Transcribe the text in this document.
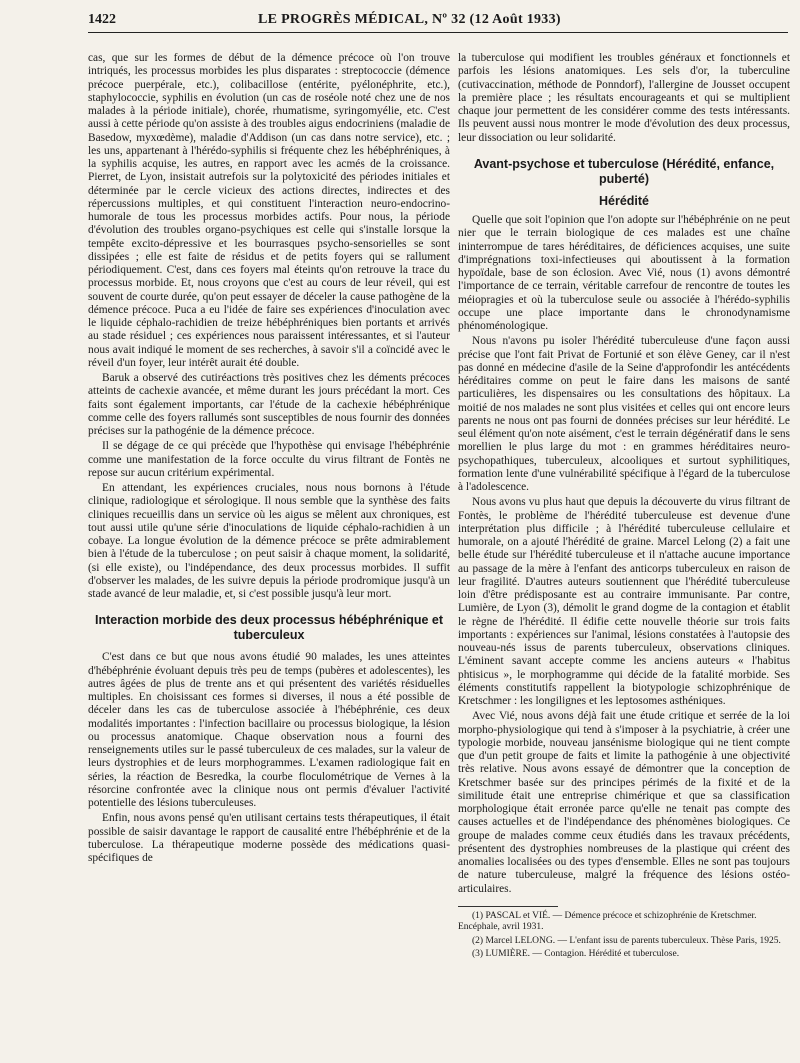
1422	LE PROGRÈS MÉDICAL, Nº 32 (12 Août 1933)

cas, que sur les formes de début de la démence précoce où l'on trouve intriqués, les processus morbides les plus disparates : streptococcie (démence précoce puerpérale, etc.), colibacillose (entérite, pyélonéphrite, etc.), staphylococcie, syphilis en évolution (un cas de roséole noté chez une de nos malades à la période initiale), chorée, rhumatisme, syringomyélie, etc. C'est aussi à cette période qu'on assiste à des troubles aigus endocriniens (maladie de Basedow, myxœdème), maladie d'Addison (un cas dans notre service), etc. ; les uns, appartenant à l'hérédo-syphilis si fréquente chez les hébéphréniques, à la syphilis acquise, les autres, en rapport avec les acmés de la croissance. Pierret, de Lyon, insistait autrefois sur la polytoxicité des périodes initiales et déterminée par le cercle vicieux des actions directes, indirectes et des répercussions multiples, et qui constituent l'interaction neuro-endocrino-humorale de tous les processus morbides actifs. Pour nous, la période d'évolution des troubles organo-psychiques est celle qui s'installe lorsque la tempête excito-dépressive et les bourrasques psycho-sensorielles se sont dissipées ; elle est faite de résidus et de petits foyers qui se rallument périodiquement. C'est, dans ces foyers mal éteints qu'on retrouve la trace du processus morbide. Et, nous croyons que c'est au cours de leur réveil, qui est souvent de courte durée, qu'on peut essayer de déceler la cause pathogène de la démence précoce. Puca a eu l'idée de faire ses expériences d'inoculation avec le liquide céphalo-rachidien de treize hébéphréniques bien portants et arrivés au stade résiduel ; ces expériences nous paraissent intéressantes, et si l'auteur nous avait indiqué le moment de ses recherches, à savoir s'il a coïncidé avec le réveil d'un foyer, leur intérêt aurait été double.

Baruk a observé des cutiréactions très positives chez les déments précoces atteints de cachexie avancée, et même durant les jours précédant la mort. Ces faits sont également importants, car l'étude de la cachexie hébéphrénique comme celle des foyers rallumés sont susceptibles de nous fournir des données précises sur la pathogénie de la démence précoce.

Il se dégage de ce qui précède que l'hypothèse qui envisage l'hébéphrénie comme une manifestation de la force occulte du virus filtrant de Fontès ne repose sur aucun critérium expérimental.

En attendant, les expériences cruciales, nous nous bornons à l'étude clinique, radiologique et sérologique. Il nous semble que la synthèse des faits cliniques recueillis dans un service où les aigus se mêlent aux chroniques, est tout aussi utile qu'une série d'inoculations de liquide céphalo-rachidien à un cobaye. La longue évolution de la démence précoce se prête admirablement bien à l'étude de la tuberculose ; on peut saisir à chaque moment, la solidarité, (si elle existe), ou l'indépendance, des deux processus morbides. Il suffit d'observer les malades, de les suivre depuis la période prodromique jusqu'à un stade avancé de leur maladie, et, si c'est possible jusqu'à leur mort.

Interaction morbide des deux processus hébéphrénique et tuberculeux

C'est dans ce but que nous avons étudié 90 malades, les unes atteintes d'hébéphrénie évoluant depuis très peu de temps (pubères et adolescentes), les autres âgées de plus de trente ans et qui présentent des variétés résiduelles multiples. En choisissant ces formes si diverses, il nous a été possible de déceler dans les cas de tuberculose associée à l'hébéphrénie, ces deux modalités importantes : l'infection bacillaire ou processus biologique, la lésion ou processus anatomique. Chaque observation nous a fourni des renseignements utiles sur le passé tuberculeux de ces malades, sur la valeur de leurs dystrophies et de leurs morphogrammes. L'examen radiologique fait en séries, la réaction de Besredka, la courbe floculométrique de Vernes à la résorcine confrontée avec la clinique nous ont permis d'évaluer l'activité potentielle des lésions tuberculeuses.

Enfin, nous avons pensé qu'en utilisant certains tests thérapeutiques, il était possible de saisir davantage le rapport de causalité entre l'hébéphrénie et de la tuberculose. La thérapeutique moderne possède des médications quasi-spécifiques de

la tuberculose qui modifient les troubles généraux et fonctionnels et parfois les lésions anatomiques. Les sels d'or, la tuberculine (cutivaccination, méthode de Ponndorf), l'allergine de Jousset occupent la première place ; les résultats encourageants et qui se multiplient chaque jour permettent de les considérer comme des tests intéressants. Ils peuvent aussi nous montrer le mode d'évolution des deux processus, leur dissociation ou leur solidarité.

Avant-psychose et tuberculose (Hérédité, enfance, puberté)
Hérédité

Quelle que soit l'opinion que l'on adopte sur l'hébéphrénie on ne peut nier que le terrain biologique de ces malades est une chaîne ininterrompue de tares héréditaires, de déficiences acquises, une suite d'imprégnations toxi-infectieuses qui aboutissent à la formation hypoïdale, base de son éclosion. Avec Vié, nous (1) avons démontré l'importance de ce terrain, véritable carrefour de rencontre de toutes les méiopragies et où la tuberculose seule ou associée à l'hérédo-syphilis occupe une place importante dans le chronodynamisme phénoménologique.

Nous n'avons pu isoler l'hérédité tuberculeuse d'une façon aussi précise que l'ont fait Privat de Fortunié et son élève Geney, car il n'est pas donné en médecine d'asile de la Seine d'approfondir les antécédents héréditaires comme on peut le faire dans les maisons de santé particulières, les dispensaires ou les consultations des hôpitaux. La moitié de nos malades ne sont plus visitées et celles qui ont encore leurs parents ne nous ont pas fourni de données précises sur leur hérédité. Le seul élément qu'on note aisément, c'est le terrain dégénératif dans le sens morellien le plus large du mot : en grammes héréditaires neuro-psychopathiques, tuberculeux, alcooliques et surtout syphilitiques, formation lente d'une vulnérabilité spécifique à l'égard de la tuberculose à l'adolescence.

Nous avons vu plus haut que depuis la découverte du virus filtrant de Fontès, le problème de l'hérédité tuberculeuse est devenue d'une interprétation plus difficile ; à l'hérédité tuberculeuse cellulaire et humorale, on a ajouté l'hérédité de graine. Marcel Lelong (2) a fait une belle étude sur l'hérédité tuberculeuse et il n'attache aucune importance au passage de la mère à l'enfant des anticorps tuberculeux en raison de leur fragilité. D'autres auteurs soutiennent que l'hérédité tuberculeuse loin d'être prédisposante est au contraire immunisante. Par contre, Lumière, de Lyon (3), démolit le grand dogme de la contagion et établit le règne de l'hérédité. Il édifie cette nouvelle théorie sur trois faits importants : expériences sur l'animal, lésions constatées à l'autopsie des nouveau-nés issus de parents tuberculeux, observations cliniques. L'éminent savant accepte comme les anciens auteurs « l'habitus phtisicus », le morphogramme qui décide de la fatalité morbide. Ses éléments constitutifs rappellent la biotypologie schizophrénique de Kretschmer : les longilignes et les leptosomes asthéniques.

Avec Vié, nous avons déjà fait une étude critique et serrée de la loi morpho-physiologique qui tend à s'imposer à la psychiatrie, à créer une typologie morbide, nouveau jansénisme biologique qui ne tient compte que d'un petit groupe de faits et limite la pathogénie à une objectivité très relative. Nous avons essayé de démontrer que la conception de Kretschmer basée sur des principes périmés de la fixité et de la similitude était une entreprise chimérique et que sa classification morphologique était erronée parce qu'elle ne tenait pas compte des causes actuelles et de l'indépendance des phénomènes biologiques. Ce groupe de malades comme ceux étudiés dans les travaux précédents, présentent des dystrophies nombreuses de la plastique qui créent des anomalies localisées ou des types d'ensemble. Elles ne sont pas toujours de nature tuberculeuse, malgré la fréquence des lésions ostéo-articulaires.

(1) PASCAL et VIÉ. — Démence précoce et schizophrénie de Kretschmer. Encéphale, avril 1931.

(2) Marcel LELONG. — L'enfant issu de parents tuberculeux. Thèse Paris, 1925.

(3) LUMIÈRE. — Contagion. Hérédité et tuberculose.
